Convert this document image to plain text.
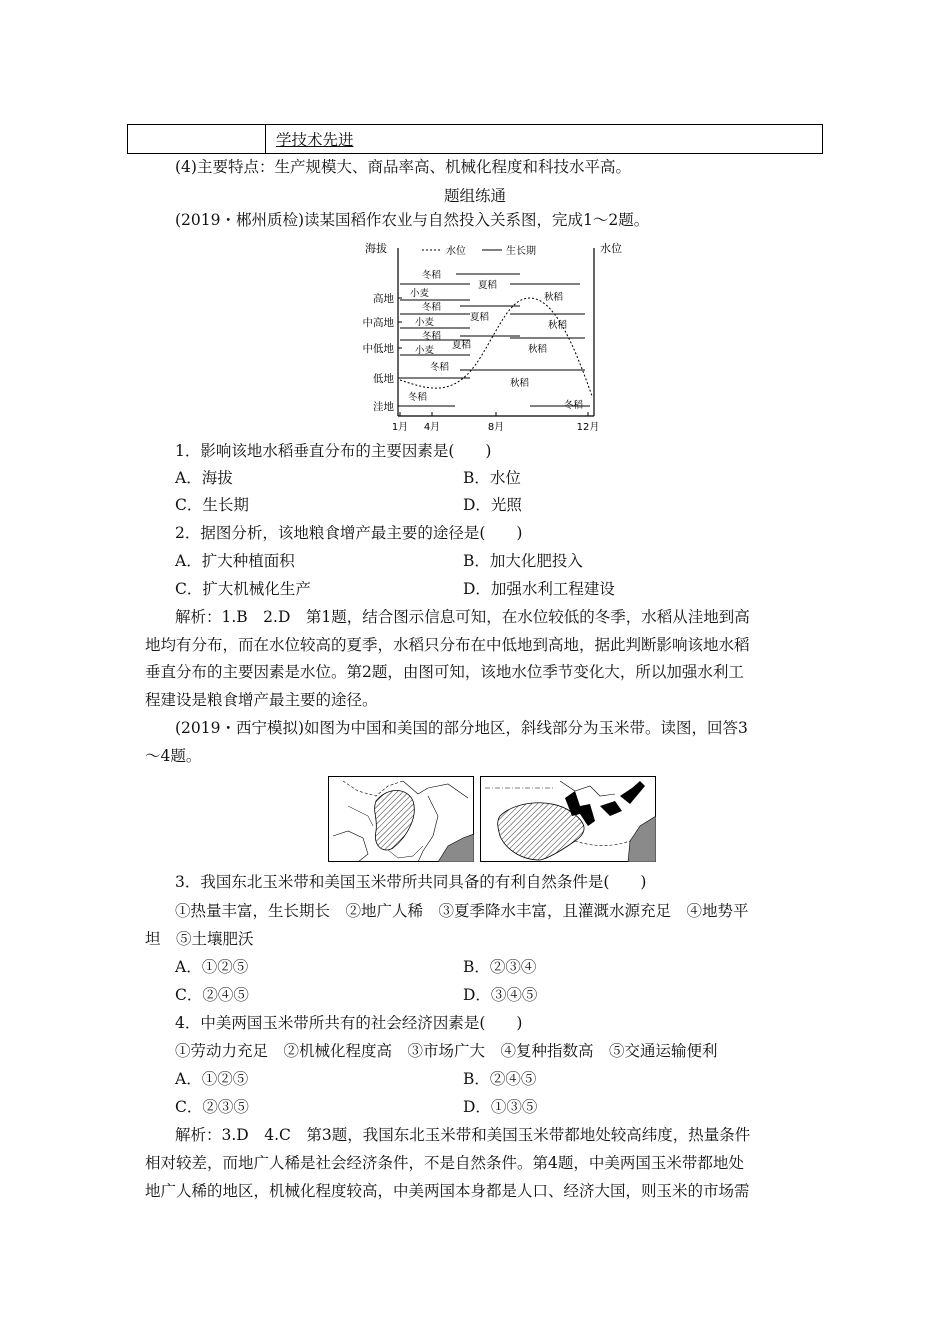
学技术先进
(4)主要特点：生产规模大、商品率高、机械化程度和科技水平高。
题组练通
(2019・郴州质检)读某国稻作农业与自然投入关系图，完成1～2题。
海拔	水位
水位	生长期
高地
中高地
中低地
低地
洼地
1月 4月	8月	12月
冬稻
夏稻
秋稻
小麦
冬稻
小麦	夏稻
秋稻
冬稻
小麦 夏稻	秋稻
冬稻
秋稻
冬稻
冬稻
1．影响该地水稻垂直分布的主要因素是(　　)
A．海拔	B．水位
C．生长期	D．光照
2．据图分析，该地粮食增产最主要的途径是(　　)
A．扩大种植面积	B．加大化肥投入
C．扩大机械化生产	D．加强水利工程建设
解析：1.B　2.D　第1题，结合图示信息可知，在水位较低的冬季，水稻从洼地到高
地均有分布，而在水位较高的夏季，水稻只分布在中低地到高地，据此判断影响该地水稻
垂直分布的主要因素是水位。第2题，由图可知，该地水位季节变化大，所以加强水利工
程建设是粮食增产最主要的途径。
(2019・西宁模拟)如图为中国和美国的部分地区，斜线部分为玉米带。读图，回答3
～4题。
3．我国东北玉米带和美国玉米带所共同具备的有利自然条件是(　　)
①热量丰富，生长期长　②地广人稀　③夏季降水丰富，且灌溉水源充足　④地势平
坦　⑤土壤肥沃
A．①②⑤	B．②③④
C．②④⑤	D．③④⑤
4．中美两国玉米带所共有的社会经济因素是(　　)
①劳动力充足　②机械化程度高　③市场广大　④复种指数高　⑤交通运输便利
A．①②⑤	B．②④⑤
C．②③⑤	D．①③⑤
解析：3.D　4.C　第3题，我国东北玉米带和美国玉米带都地处较高纬度，热量条件
相对较差，而地广人稀是社会经济条件，不是自然条件。第4题，中美两国玉米带都地处
地广人稀的地区，机械化程度较高，中美两国本身都是人口、经济大国，则玉米的市场需
